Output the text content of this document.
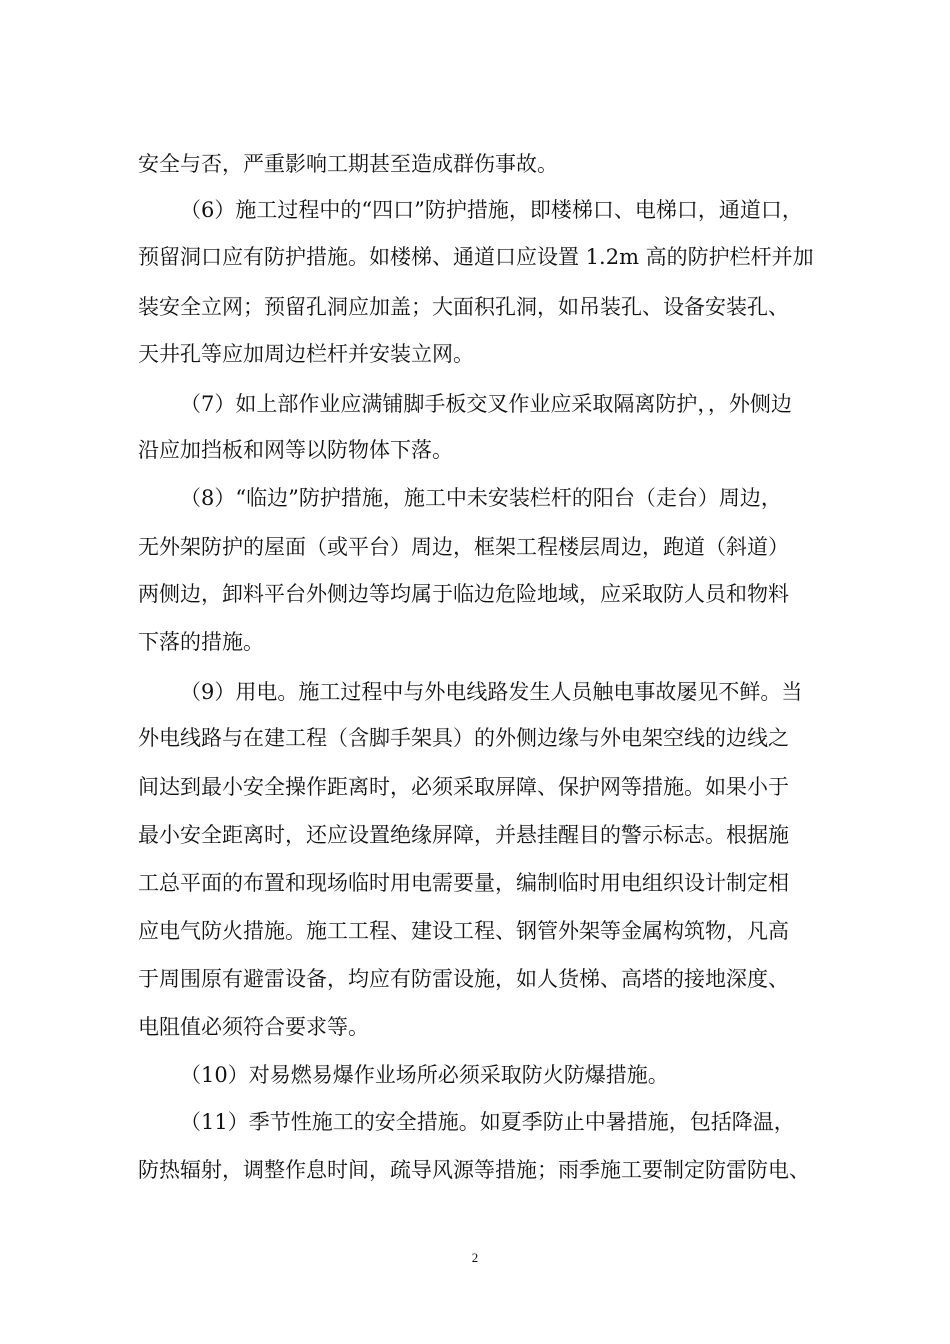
安全与否，严重影响工期甚至造成群伤事故。

（6）施工过程中的“四口”防护措施，即楼梯口、电梯口，通道口，

预留洞口应有防护措施。如楼梯、通道口应设置 1.2m 高的防护栏杆并加

装安全立网；预留孔洞应加盖；大面积孔洞，如吊装孔、设备安装孔、

天井孔等应加周边栏杆并安装立网。

（7）如上部作业应满铺脚手板交叉作业应采取隔离防护，，外侧边

沿应加挡板和网等以防物体下落。

（8）“临边”防护措施，施工中未安装栏杆的阳台（走台）周边，

无外架防护的屋面（或平台）周边，框架工程楼层周边，跑道（斜道）

两侧边，卸料平台外侧边等均属于临边危险地域，应采取防人员和物料

下落的措施。

（9）用电。施工过程中与外电线路发生人员触电事故屡见不鲜。当

外电线路与在建工程（含脚手架具）的外侧边缘与外电架空线的边线之

间达到最小安全操作距离时，必须采取屏障、保护网等措施。如果小于

最小安全距离时，还应设置绝缘屏障，并悬挂醒目的警示标志。根据施

工总平面的布置和现场临时用电需要量，编制临时用电组织设计制定相

应电气防火措施。施工工程、建设工程、钢管外架等金属构筑物，凡高

于周围原有避雷设备，均应有防雷设施，如人货梯、高塔的接地深度、

电阻值必须符合要求等。

（10）对易燃易爆作业场所必须采取防火防爆措施。

（11）季节性施工的安全措施。如夏季防止中暑措施，包括降温，

防热辐射，调整作息时间，疏导风源等措施；雨季施工要制定防雷防电、

2
